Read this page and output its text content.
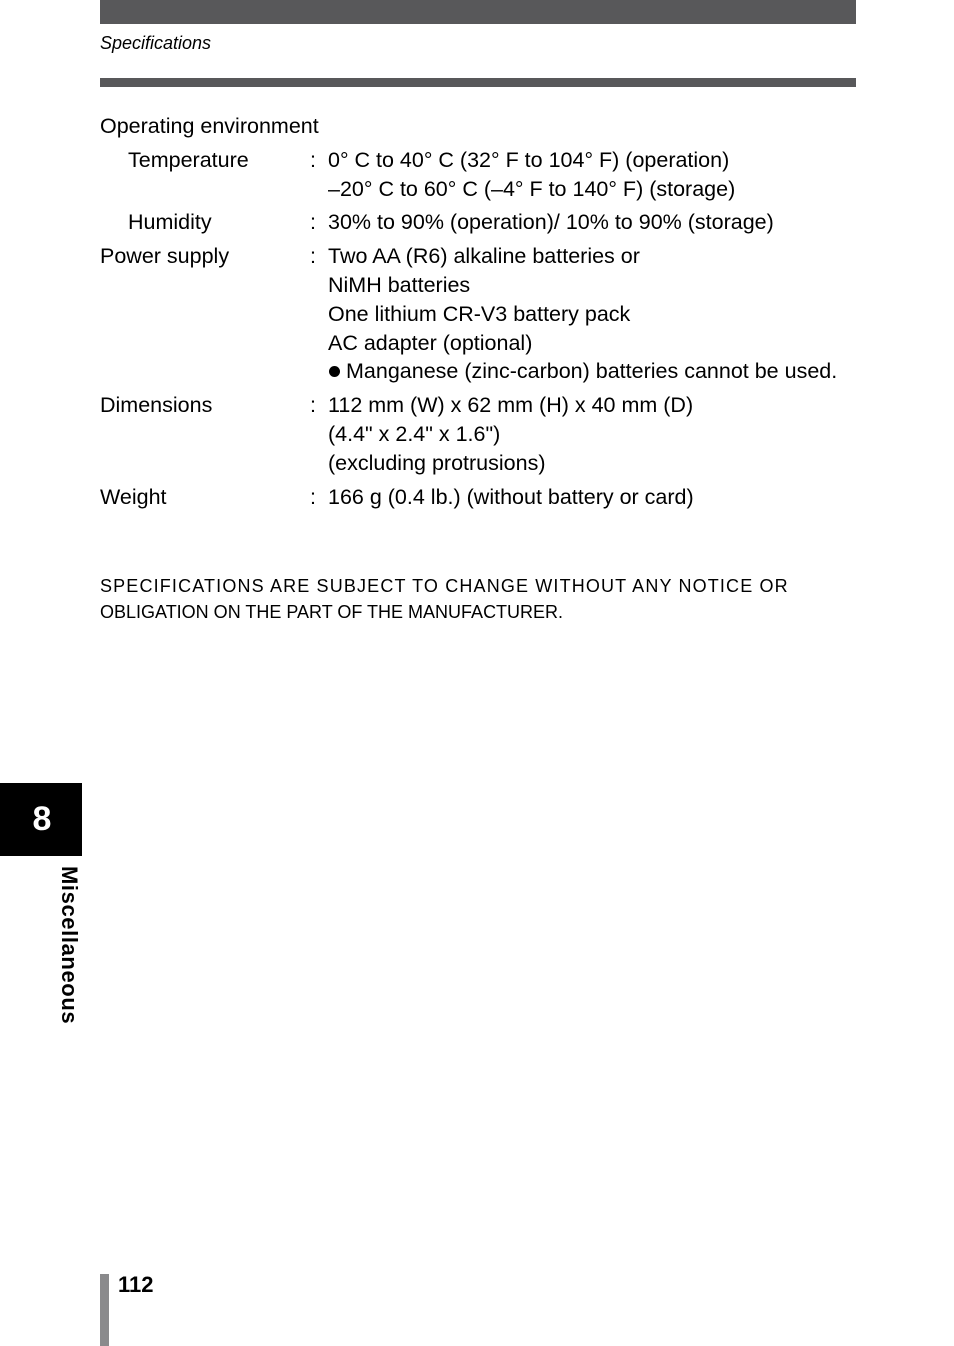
Specifications
Operating environment
Temperature	: 0° C to 40° C (32° F to 104° F) (operation)
–20° C to 60° C (–4° F to 140° F) (storage)
Humidity	: 30% to 90% (operation)/ 10% to 90% (storage)
Power supply	: Two AA (R6) alkaline batteries or
NiMH batteries
One lithium CR-V3 battery pack
AC adapter (optional)
Manganese (zinc-carbon) batteries cannot be used.
Dimensions	: 112 mm (W) x 62 mm (H) x 40 mm (D)
(4.4" x 2.4" x 1.6")
(excluding protrusions)
Weight	: 166 g (0.4 lb.) (without battery or card)
SPECIFICATIONS ARE SUBJECT TO CHANGE WITHOUT ANY NOTICE OR
OBLIGATION ON THE PART OF THE MANUFACTURER.
8
Miscellaneous
112
